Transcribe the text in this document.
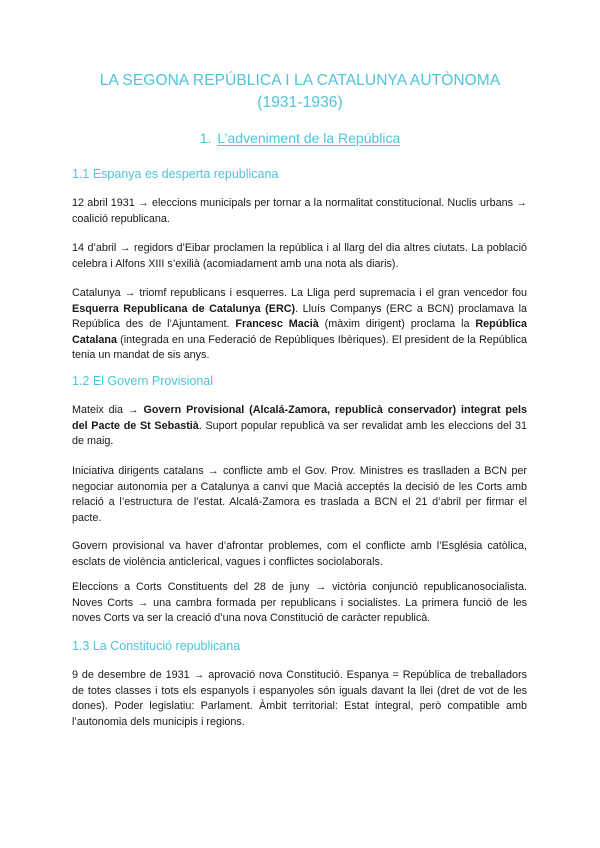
LA SEGONA REPÚBLICA I LA CATALUNYA AUTÒNOMA
(1931-1936)
1. L’adveniment de la República
1.1 Espanya es desperta republicana

12 abril 1931 → eleccions municipals per tornar a la normalitat constitucional. Nuclis urbans → coalició republicana.

14 d’abril → regidors d’Eibar proclamen la república i al llarg del dia altres ciutats. La població celebra i Alfons XIII s’exilià (acomiadament amb una nota als diaris).

Catalunya → triomf republicans i esquerres. La Lliga perd supremacia i el gran vencedor fou Esquerra Republicana de Catalunya (ERC). Lluís Companys (ERC a BCN) proclamava la República des de l’Ajuntament. Francesc Macià (màxim dirigent) proclama la República Catalana (integrada en una Federació de Repúbliques Ibèriques). El president de la República tenia un mandat de sis anys.

1.2 El Govern Provisional

Mateix dia → Govern Provisional (Alcalá-Zamora, republicà conservador) integrat pels del Pacte de St Sebastià. Suport popular republicà va ser revalidat amb les eleccions del 31 de maig.

Iniciativa dirigents catalans → conflicte amb el Gov. Prov. Ministres es traslladen a BCN per negociar autonomia per a Catalunya a canvi que Macià acceptés la decisió de les Corts amb relació a l’estructura de l’estat. Alcalá-Zamora es traslada a BCN el 21 d’abril per firmar el pacte.

Govern provisional va haver d’afrontar problemes, com el conflicte amb l’Església catòlica, esclats de violència anticlerical, vagues i conflictes sociolaborals.

Eleccions a Corts Constituents del 28 de juny → victòria conjunció republicanosocialista. Noves Corts → una cambra formada per republicans i socialistes. La primera funció de les noves Corts va ser la creació d’una nova Constitució de caràcter republicà.

1.3 La Constitució republicana

9 de desembre de 1931 → aprovació nova Constitució. Espanya = República de treballadors de totes classes i tots els espanyols i espanyoles són iguals davant la llei (dret de vot de les dones). Poder legislatiu: Parlament. Àmbit territorial: Estat integral, però compatible amb l’autonomia dels municipis i regions.
